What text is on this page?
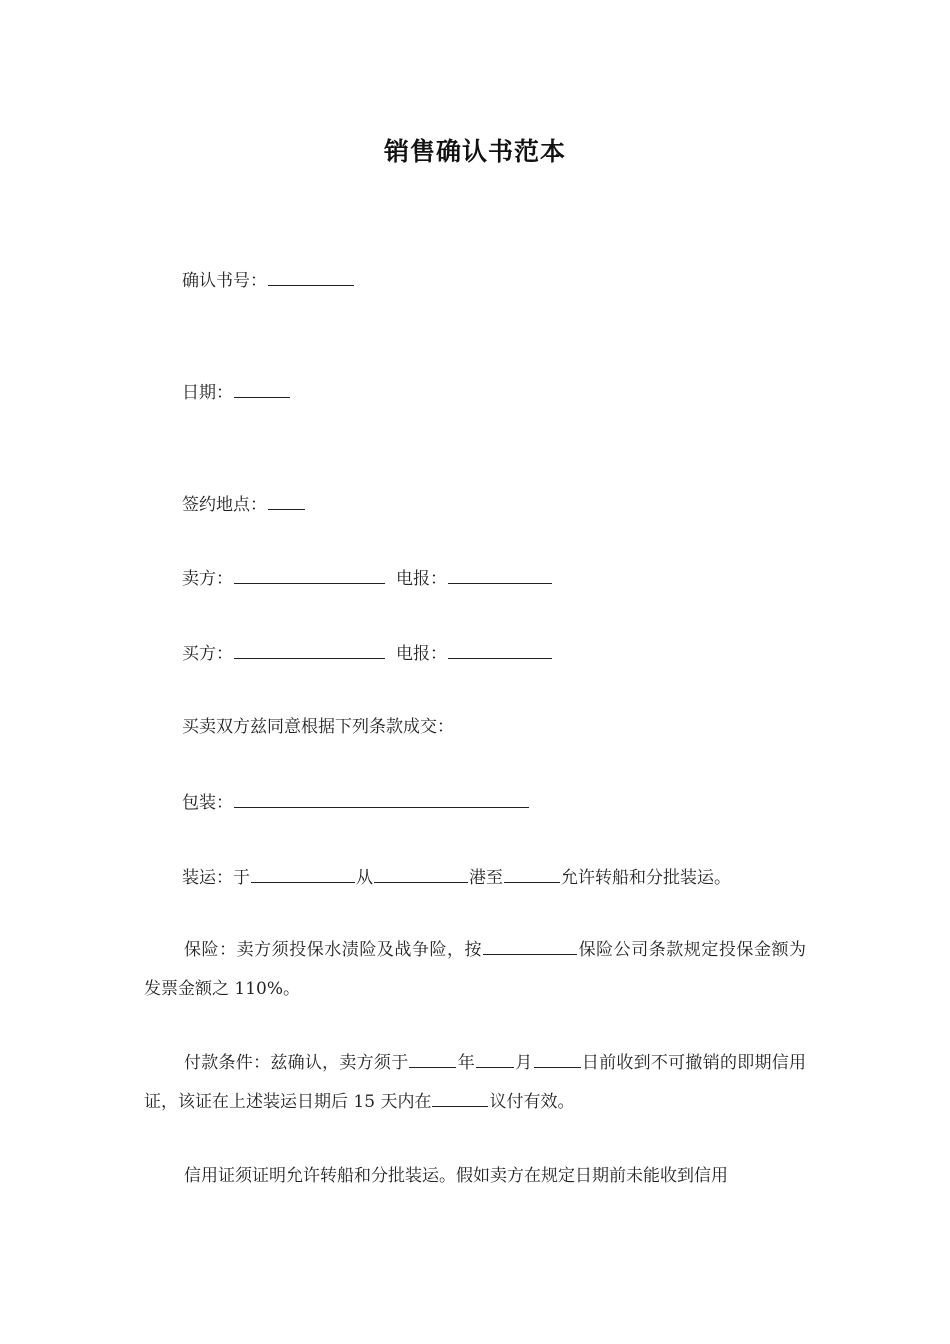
销售确认书范本
确认书号：
日期：
签约地点：
卖方：	电报：
买方：	电报：
买卖双方兹同意根据下列条款成交：
包装：
装运：于	从	港至	允许转船和分批装运。
保险：卖方须投保水渍险及战争险，按	保险公司条款规定投保金额为发票金额之 110%。
付款条件：兹确认，卖方须于	年 月	日前收到不可撤销的即期信用证，该证在上述装运日期后 15 天内在	议付有效。
信用证须证明允许转船和分批装运。假如卖方在规定日期前未能收到信用
